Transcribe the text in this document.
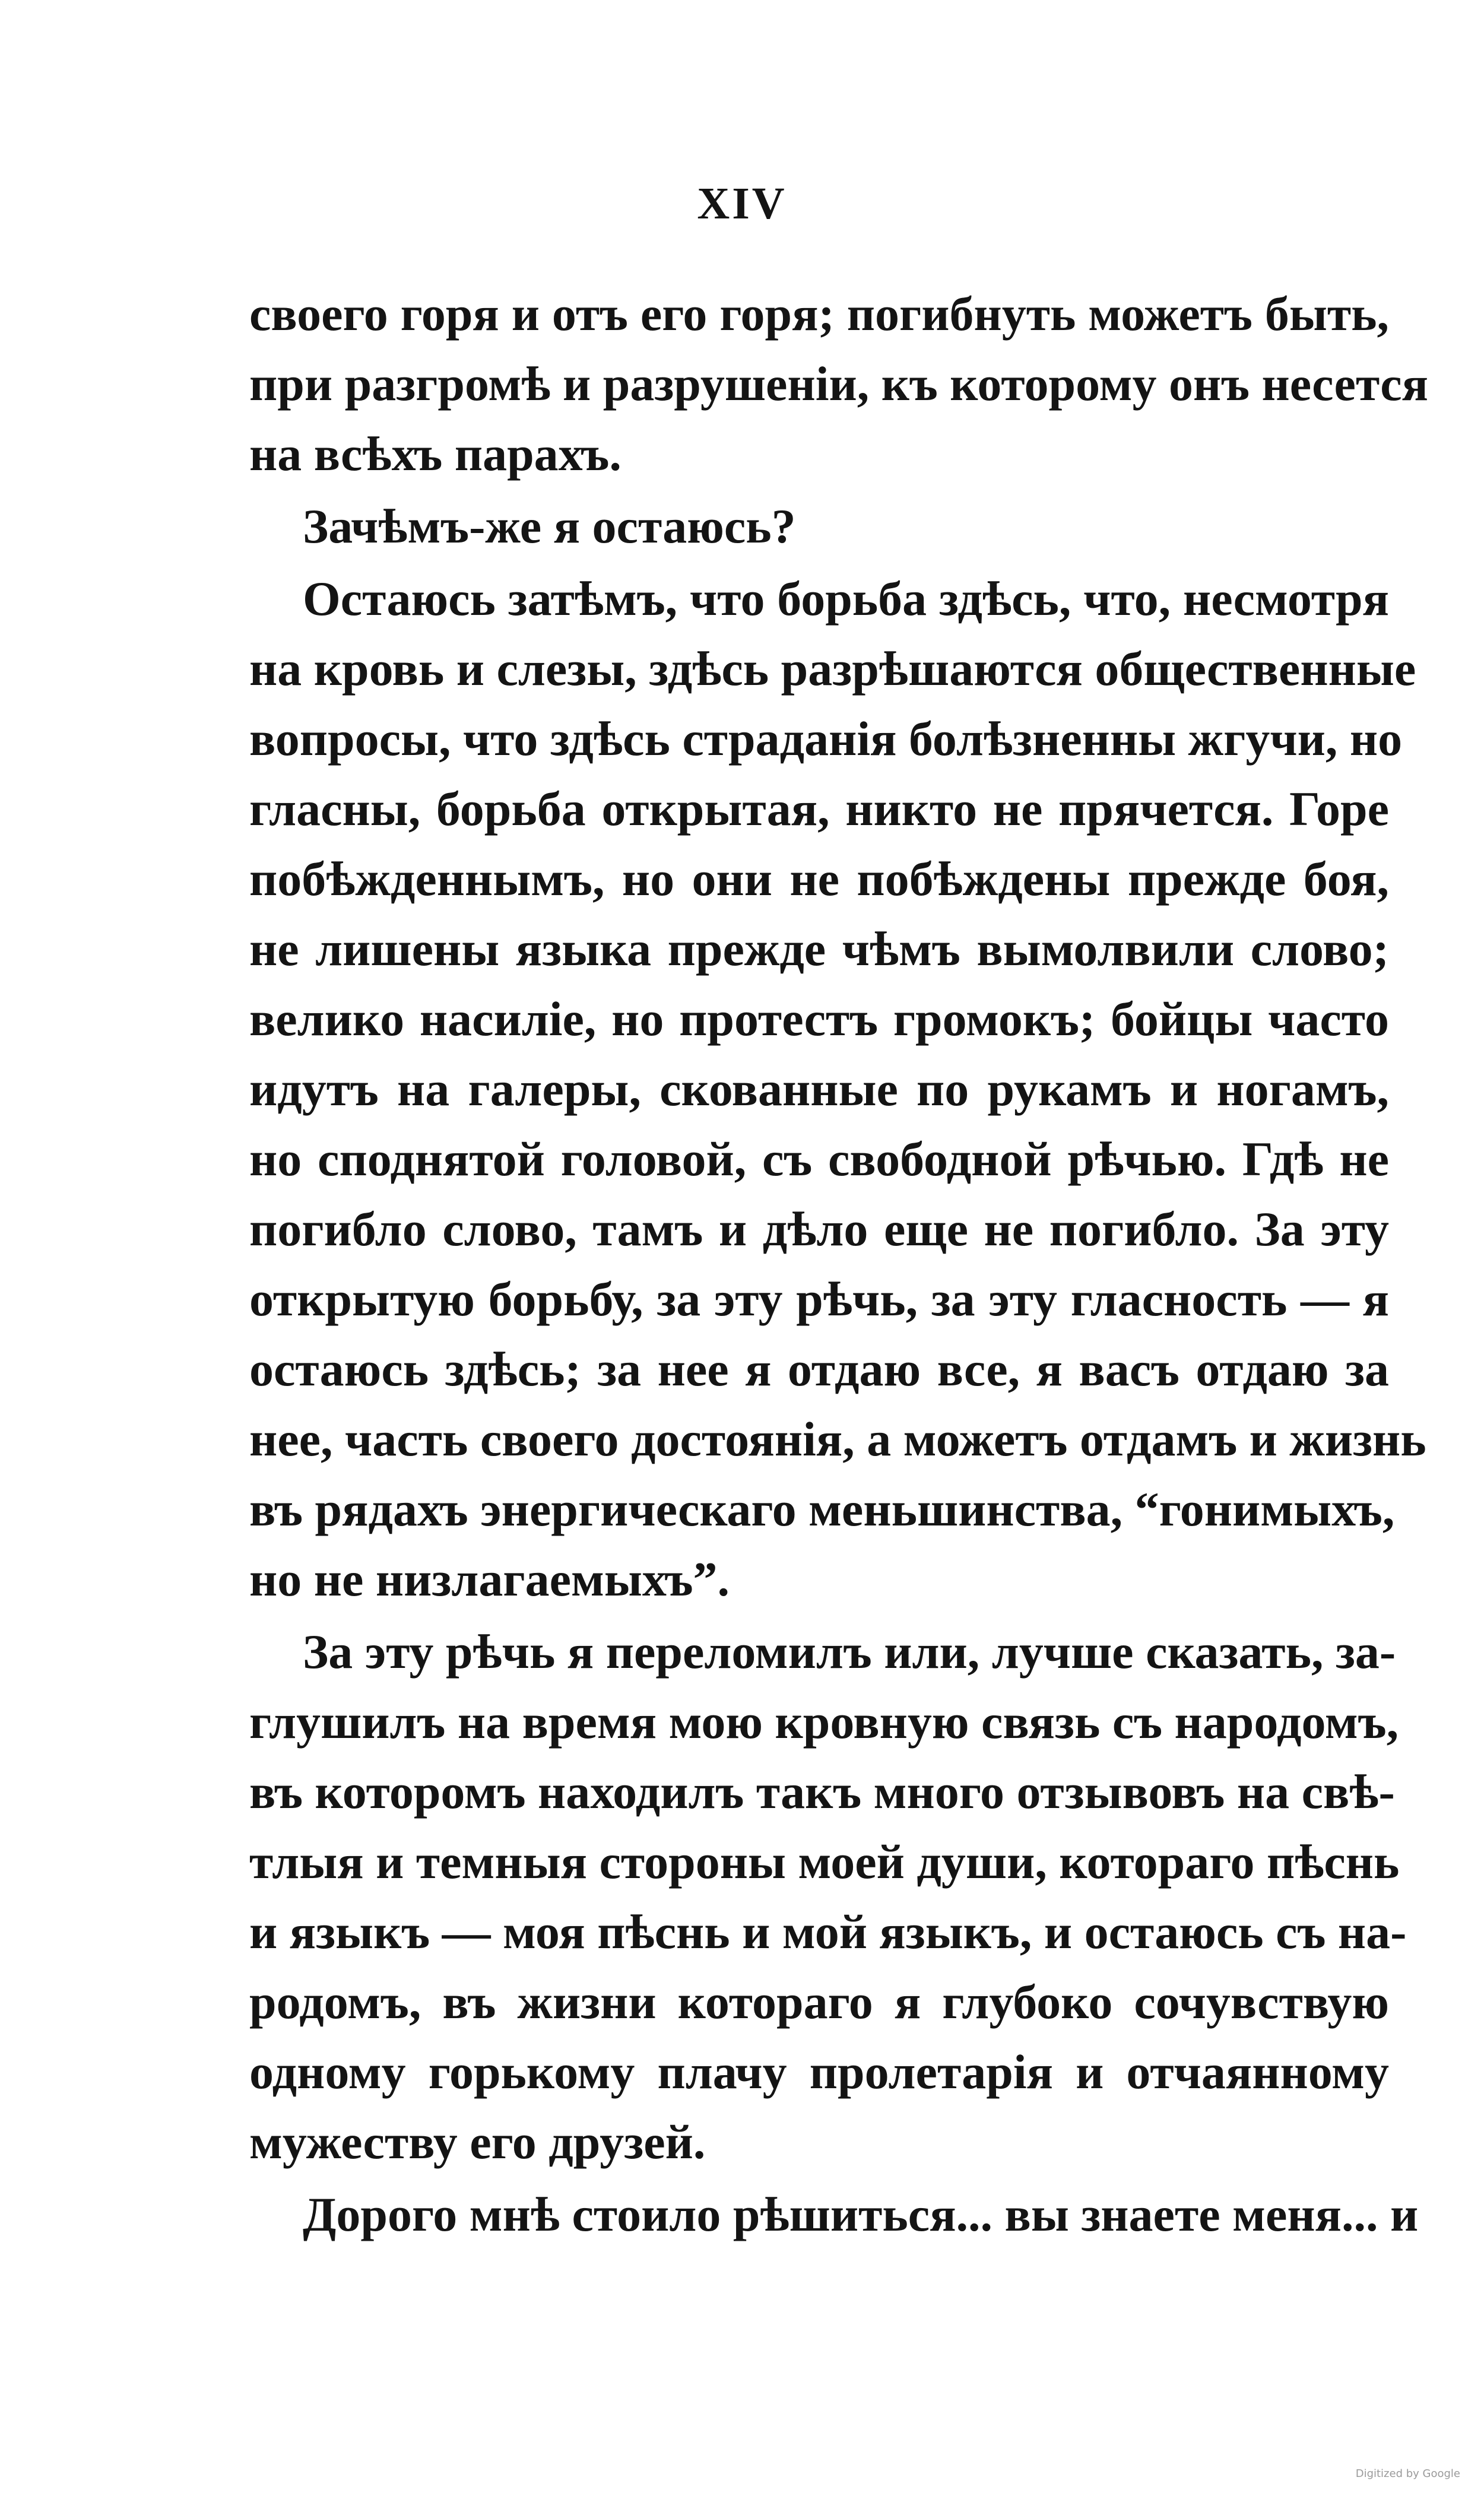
XIV
своего горя и отъ его горя; погибнуть можетъ быть,
при разгромѣ и разрушеніи, къ которому онъ несется
на всѣхъ парахъ.
Зачѣмъ-же я остаюсь?
Остаюсь затѣмъ, что борьба здѣсь, что, несмотря
на кровь и слезы, здѣсь разрѣшаются общественные
вопросы, что здѣсь страданія болѣзненны жгучи, но
гласны, борьба открытая, никто не прячется. Горе
побѣжденнымъ, но они не побѣждены прежде боя,
не лишены языка прежде чѣмъ вымолвили слово;
велико насиліе, но протестъ громокъ; бойцы часто
идутъ на галеры, скованные по рукамъ и ногамъ,
но споднятой головой, съ свободной рѣчью. Гдѣ не
погибло слово, тамъ и дѣло еще не погибло. За эту
открытую борьбу, за эту рѣчь, за эту гласность — я
остаюсь здѣсь; за нее я отдаю все, я васъ отдаю за
нее, часть своего достоянія, а можетъ отдамъ и жизнь
въ рядахъ энергическаго меньшинства, “гонимыхъ,
но не низлагаемыхъ”.
За эту рѣчь я переломилъ или, лучше сказать, за-
глушилъ на время мою кровную связь съ народомъ,
въ которомъ находилъ такъ много отзывовъ на свѣ-
тлыя и темныя стороны моей души, котораго пѣснь
и языкъ — моя пѣснь и мой языкъ, и остаюсь съ на-
родомъ, въ жизни котораго я глубоко сочувствую
одному горькому плачу пролетарія и отчаянному
мужеству его друзей.
Дорого мнѣ стоило рѣшиться... вы знаете меня... и
Digitized by Google
